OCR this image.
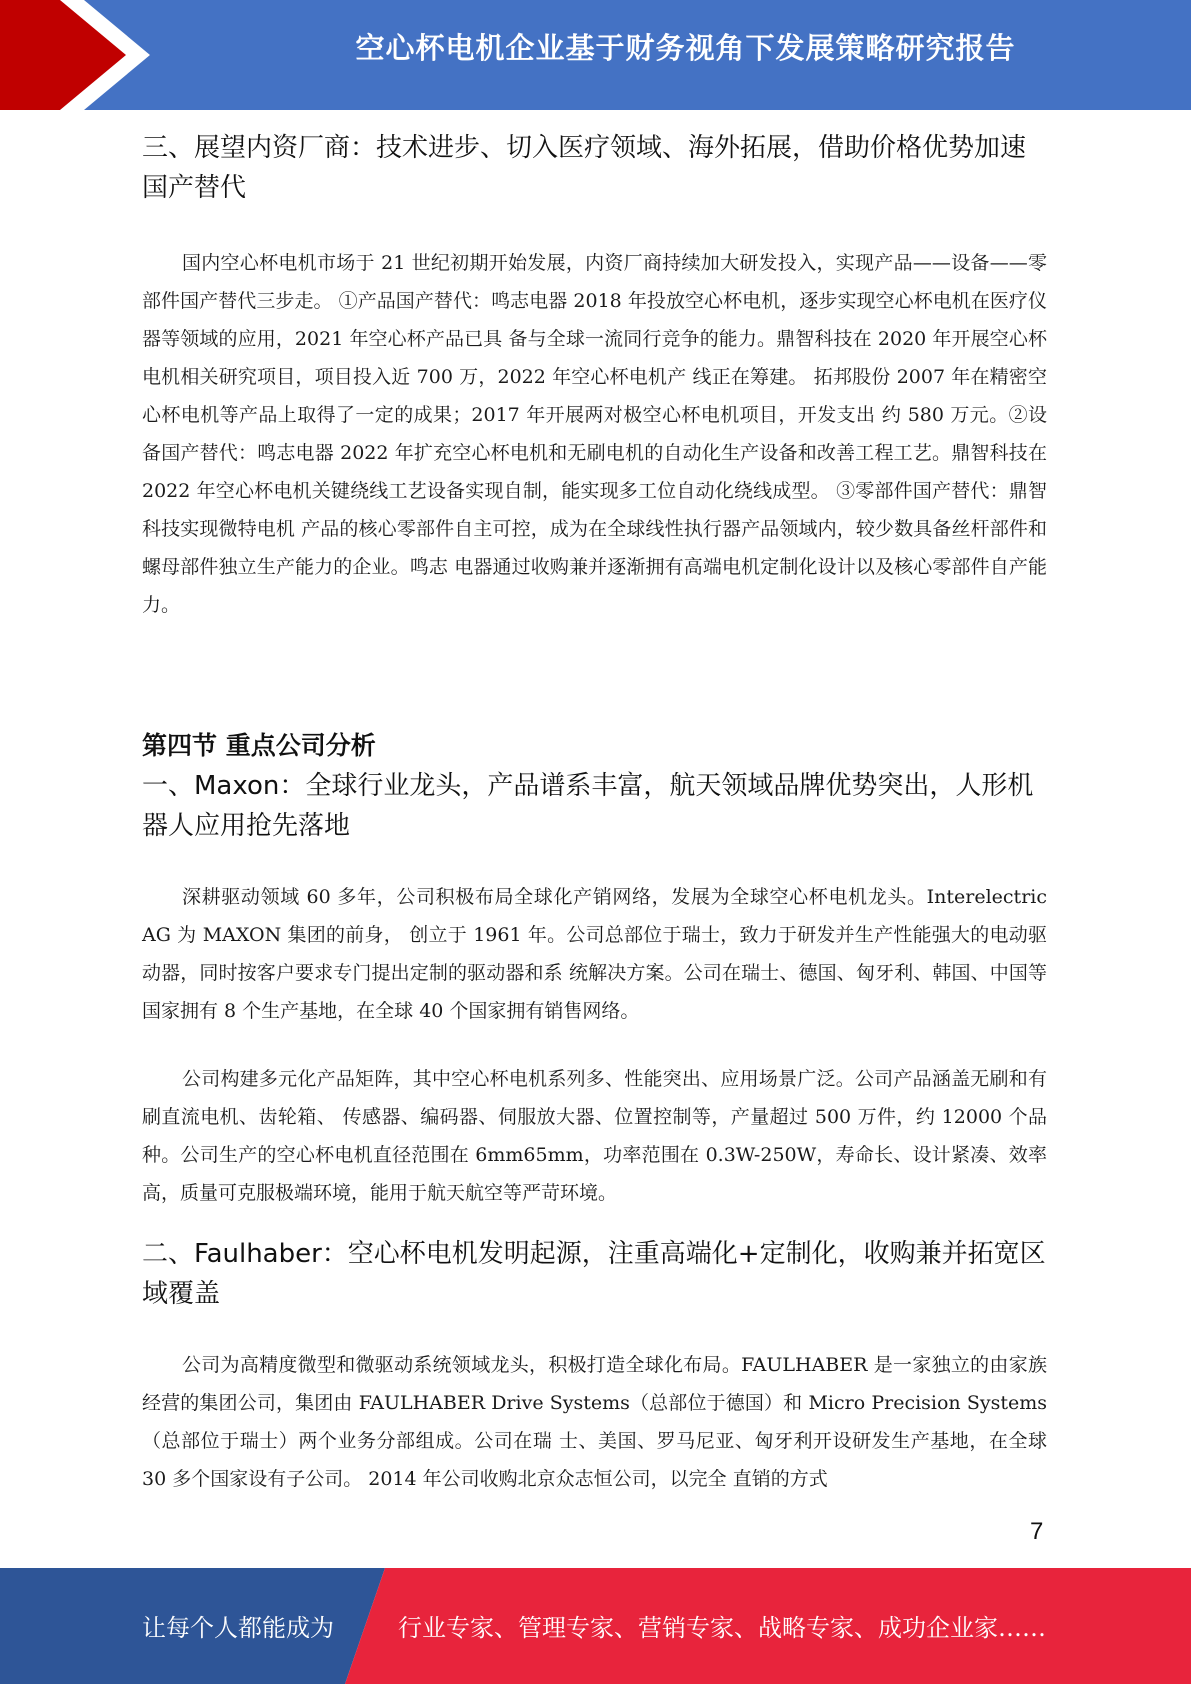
空心杯电机企业基于财务视角下发展策略研究报告
三、展望内资厂商：技术进步、切入医疗领域、海外拓展，借助价格优势加速国产替代

国内空心杯电机市场于 21 世纪初期开始发展，内资厂商持续加大研发投入，实现产品——设备——零部件国产替代三步走。 ①产品国产替代：鸣志电器 2018 年投放空心杯电机，逐步实现空心杯电机在医疗仪器等领域的应用，2021 年空心杯产品已具 备与全球一流同行竞争的能力。鼎智科技在 2020 年开展空心杯电机相关研究项目，项目投入近 700 万，2022 年空心杯电机产 线正在筹建。 拓邦股份 2007 年在精密空心杯电机等产品上取得了一定的成果；2017 年开展两对极空心杯电机项目，开发支出 约 580 万元。②设备国产替代：鸣志电器 2022 年扩充空心杯电机和无刷电机的自动化生产设备和改善工程工艺。鼎智科技在 2022 年空心杯电机关键绕线工艺设备实现自制，能实现多工位自动化绕线成型。 ③零部件国产替代：鼎智科技实现微特电机 产品的核心零部件自主可控，成为在全球线性执行器产品领域内，较少数具备丝杆部件和螺母部件独立生产能力的企业。鸣志 电器通过收购兼并逐渐拥有高端电机定制化设计以及核心零部件自产能力。

第四节 重点公司分析
一、Maxon：全球行业龙头，产品谱系丰富，航天领域品牌优势突出，人形机器人应用抢先落地

深耕驱动领域 60 多年，公司积极布局全球化产销网络，发展为全球空心杯电机龙头。Interelectric AG 为 MAXON 集团的前身， 创立于 1961 年。公司总部位于瑞士，致力于研发并生产性能强大的电动驱动器，同时按客户要求专门提出定制的驱动器和系 统解决方案。公司在瑞士、德国、匈牙利、韩国、中国等国家拥有 8 个生产基地，在全球 40 个国家拥有销售网络。

公司构建多元化产品矩阵，其中空心杯电机系列多、性能突出、应用场景广泛。公司产品涵盖无刷和有刷直流电机、齿轮箱、 传感器、编码器、伺服放大器、位置控制等，产量超过 500 万件，约 12000 个品种。公司生产的空心杯电机直径范围在 6mm65mm，功率范围在 0.3W-250W，寿命长、设计紧凑、效率高，质量可克服极端环境，能用于航天航空等严苛环境。

二、Faulhaber：空心杯电机发明起源，注重高端化+定制化，收购兼并拓宽区域覆盖

公司为高精度微型和微驱动系统领域龙头，积极打造全球化布局。FAULHABER 是一家独立的由家族经营的集团公司，集团由 FAULHABER Drive Systems（总部位于德国）和 Micro Precision Systems（总部位于瑞士）两个业务分部组成。公司在瑞 士、美国、罗马尼亚、匈牙利开设研发生产基地，在全球 30 多个国家设有子公司。 2014 年公司收购北京众志恒公司，以完全 直销的方式

7
让每个人都能成为	行业专家、管理专家、营销专家、战略专家、成功企业家……
